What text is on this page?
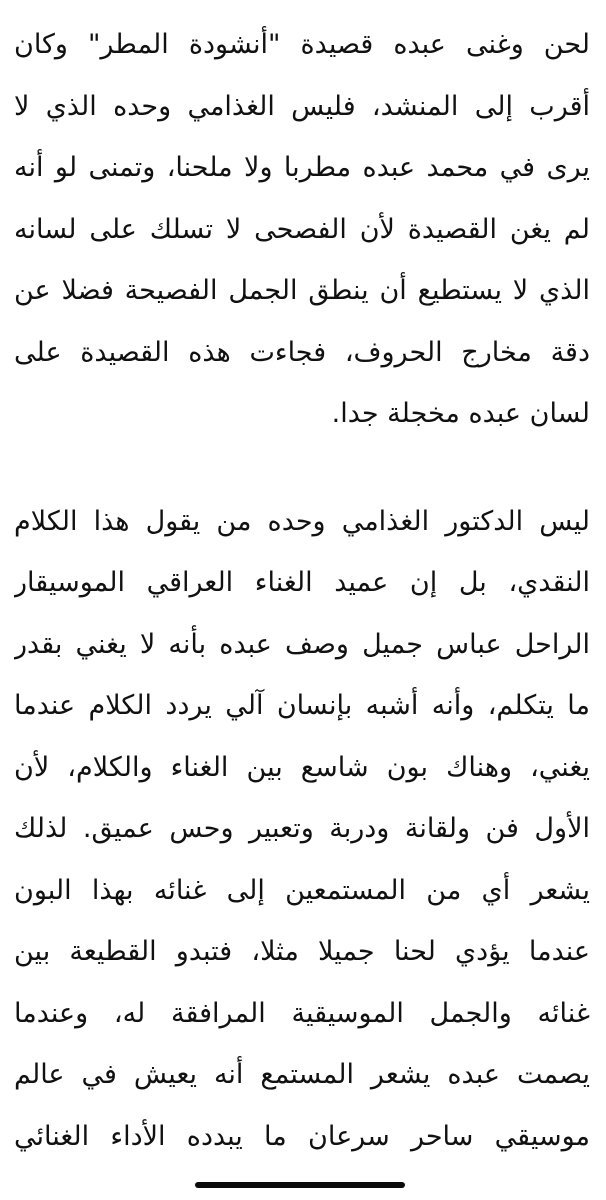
لحن وغنى عبده قصيدة "أنشودة المطر" وكان
أقرب إلى المنشد، فليس الغذامي وحده الذي لا
يرى في محمد عبده مطربا ولا ملحنا، وتمنى لو أنه
لم يغن القصيدة لأن الفصحى لا تسلك على لسانه
الذي لا يستطيع أن ينطق الجمل الفصيحة فضلا عن
دقة مخارج الحروف، فجاءت هذه القصيدة على
لسان عبده مخجلة جدا.
ليس الدكتور الغذامي وحده من يقول هذا الكلام
النقدي، بل إن عميد الغناء العراقي الموسيقار
الراحل عباس جميل وصف عبده بأنه لا يغني بقدر
ما يتكلم، وأنه أشبه بإنسان آلي يردد الكلام عندما
يغني، وهناك بون شاسع بين الغناء والكلام، لأن
الأول فن ولقانة ودربة وتعبير وحس عميق. لذلك
يشعر أي من المستمعين إلى غنائه بهذا البون
عندما يؤدي لحنا جميلا مثلا، فتبدو القطيعة بين
غنائه والجمل الموسيقية المرافقة له، وعندما
يصمت عبده يشعر المستمع أنه يعيش في عالم
موسيقي ساحر سرعان ما يبدده الأداء الغنائي
